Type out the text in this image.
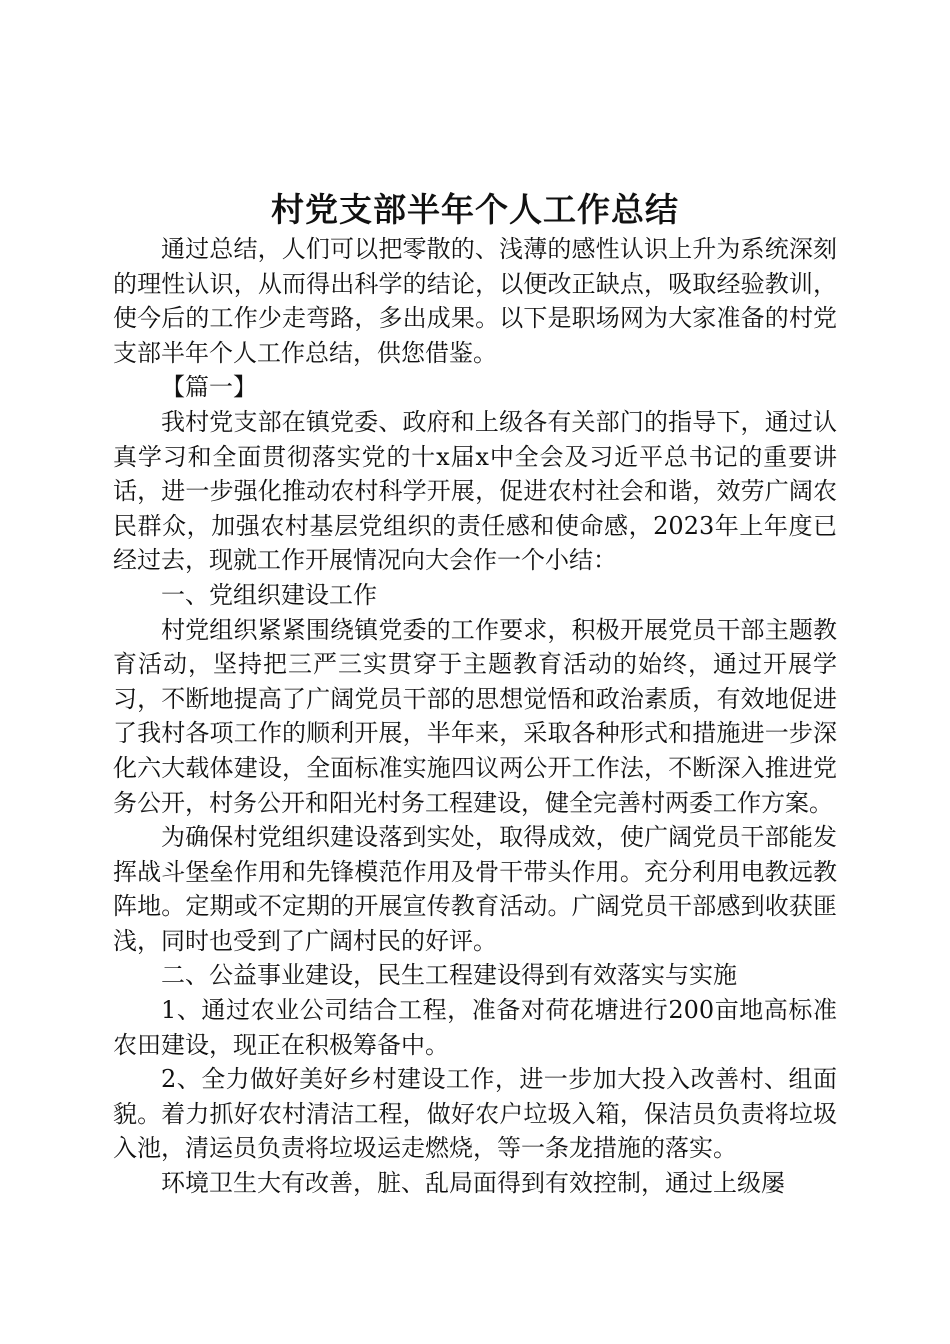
村党支部半年个人工作总结

通过总结，人们可以把零散的、浅薄的感性认识上升为系统深刻的理性认识，从而得出科学的结论，以便改正缺点，吸取经验教训，使今后的工作少走弯路，多出成果。以下是职场网为大家准备的村党支部半年个人工作总结，供您借鉴。

【篇一】

我村党支部在镇党委、政府和上级各有关部门的指导下，通过认真学习和全面贯彻落实党的十x届x中全会及习近平总书记的重要讲话，进一步强化推动农村科学开展，促进农村社会和谐，效劳广阔农民群众，加强农村基层党组织的责任感和使命感，2023年上年度已经过去，现就工作开展情况向大会作一个小结：

一、党组织建设工作

村党组织紧紧围绕镇党委的工作要求，积极开展党员干部主题教育活动，坚持把三严三实贯穿于主题教育活动的始终，通过开展学习，不断地提高了广阔党员干部的思想觉悟和政治素质，有效地促进了我村各项工作的顺利开展，半年来，采取各种形式和措施进一步深化六大载体建设，全面标准实施四议两公开工作法，不断深入推进党务公开，村务公开和阳光村务工程建设，健全完善村两委工作方案。

为确保村党组织建设落到实处，取得成效，使广阔党员干部能发挥战斗堡垒作用和先锋模范作用及骨干带头作用。充分利用电教远教阵地。定期或不定期的开展宣传教育活动。广阔党员干部感到收获匪浅，同时也受到了广阔村民的好评。

二、公益事业建设，民生工程建设得到有效落实与实施

1、通过农业公司结合工程，准备对荷花塘进行200亩地高标准农田建设，现正在积极筹备中。

2、全力做好美好乡村建设工作，进一步加大投入改善村、组面貌。着力抓好农村清洁工程，做好农户垃圾入箱，保洁员负责将垃圾入池，清运员负责将垃圾运走燃烧，等一条龙措施的落实。

环境卫生大有改善，脏、乱局面得到有效控制，通过上级屡
